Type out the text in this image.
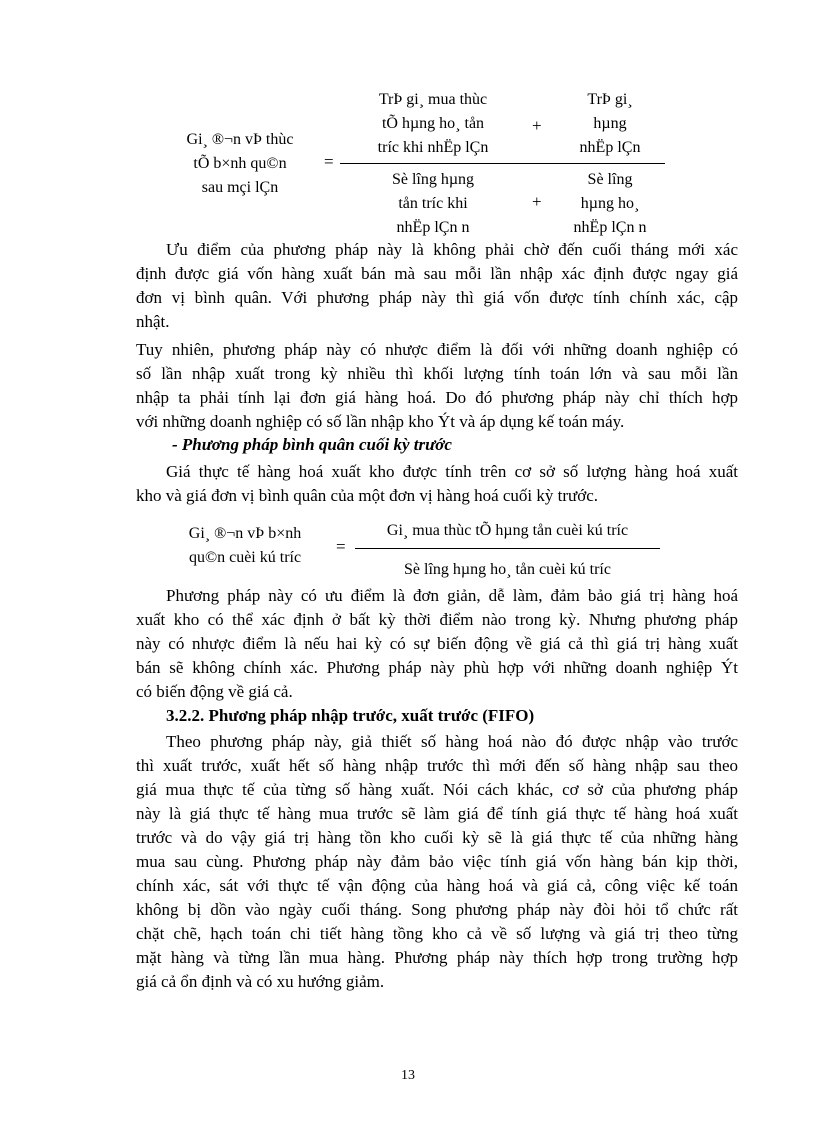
Gi¸ ®¬n vÞ thùc
tÕ b×nh qu©n
sau mçi lÇn
=
TrÞ gi¸ mua thùc
tÕ hµng ho¸ tån
tríc khi nhËp lÇn
+
TrÞ gi¸
hµng
nhËp lÇn
Sè lîng hµng
tån tríc khi
nhËp lÇn n
+
Sè lîng
hµng ho¸
nhËp lÇn n
Ưu điểm của phương pháp này là không phải chờ đến cuối tháng mới xác
định được giá vốn hàng xuất bán mà sau mỗi lần nhập xác định được ngay giá
đơn vị bình quân. Với phương pháp này thì giá vốn được tính chính xác, cập
nhật.
Tuy nhiên, phương pháp này có nhược điểm là đối với những doanh nghiệp có
số lần nhập xuất trong kỳ nhiều thì khối lượng tính toán lớn và sau mỗi lần
nhập ta phải tính lại đơn giá hàng hoá. Do đó phương pháp này chỉ thích hợp
với những doanh nghiệp có số lần nhập kho Ýt và áp dụng kế toán máy.
- Phương pháp bình quân cuối kỳ trước
Giá thực tế hàng hoá xuất kho được tính trên cơ sở số lượng hàng hoá xuất
kho và giá đơn vị bình quân của một đơn vị hàng hoá cuối kỳ trước.
Gi¸ ®¬n vÞ b×nh
qu©n cuèi kú tríc
=
Gi¸ mua thùc tÕ hµng tån cuèi kú tríc
Sè lîng hµng ho¸ tån cuèi kú tríc
Phương pháp này có ưu điểm là đơn giản, dễ làm, đảm bảo giá trị hàng hoá
xuất kho có thể xác định ở bất kỳ thời điểm nào trong kỳ. Nhưng phương pháp
này có nhược điểm là nếu hai kỳ có sự biến động về giá cả thì giá trị hàng xuất
bán sẽ không chính xác. Phương pháp này phù hợp với những doanh nghiệp Ýt
có biến động về giá cả.
3.2.2. Phương pháp nhập trước, xuất trước (FIFO)
Theo phương pháp này, giả thiết số hàng hoá nào đó được nhập vào trước
thì xuất trước, xuất hết số hàng nhập trước thì mới đến số hàng nhập sau theo
giá mua thực tế của từng số hàng xuất. Nói cách khác, cơ sở của phương pháp
này là giá thực tế hàng mua trước sẽ làm giá để tính giá thực tế hàng hoá xuất
trước và do vậy giá trị hàng tồn kho cuối kỳ sẽ là giá thực tế của những hàng
mua sau cùng. Phương pháp này đảm bảo việc tính giá vốn hàng bán kịp thời,
chính xác, sát với thực tế vận động của hàng hoá và giá cả, công việc kế toán
không bị dồn vào ngày cuối tháng. Song phương pháp này đòi hỏi tổ chức rất
chặt chẽ, hạch toán chi tiết hàng tồng kho cả về số lượng và giá trị theo từng
mặt hàng và từng lần mua hàng. Phương pháp này thích hợp trong trường hợp
giá cả ổn định và có xu hướng giảm.
13
